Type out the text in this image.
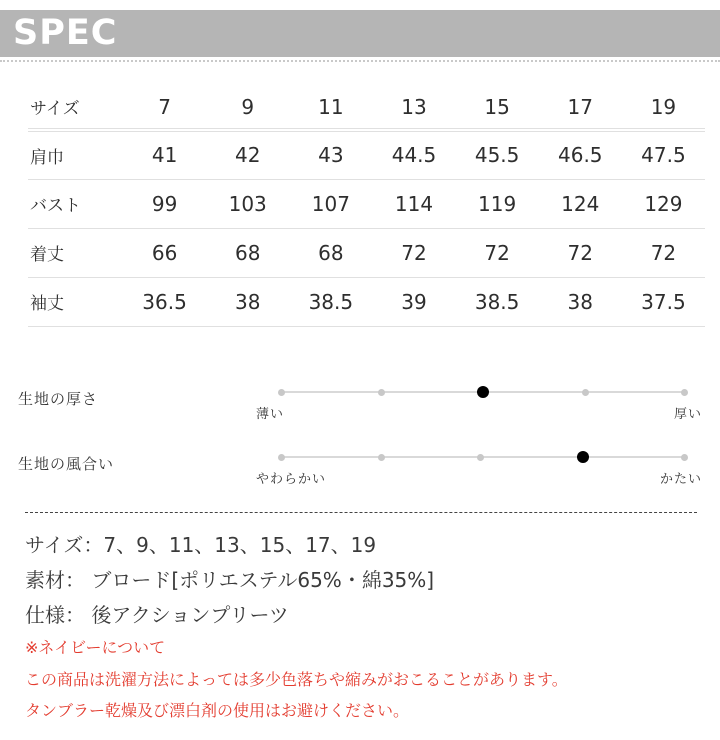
SPEC
サイズ	7	9	11	13	15	17	19
肩巾	41	42	43	44.5	45.5	46.5	47.5
バスト	99	103	107	114	119	124	129
着丈	66	68	68	72	72	72	72
袖丈	36.5	38	38.5	39	38.5	38	37.5
生地の厚さ
薄い	厚い
生地の風合い
やわらかい	かたい
サイズ：7、9、11、13、15、17、19
素材： ブロード[ポリエステル65%・綿35%]
仕様： 後アクションプリーツ
※ネイビーについて
この商品は洗濯方法によっては多少色落ちや縮みがおこることがあります。
タンブラー乾燥及び漂白剤の使用はお避けください。
